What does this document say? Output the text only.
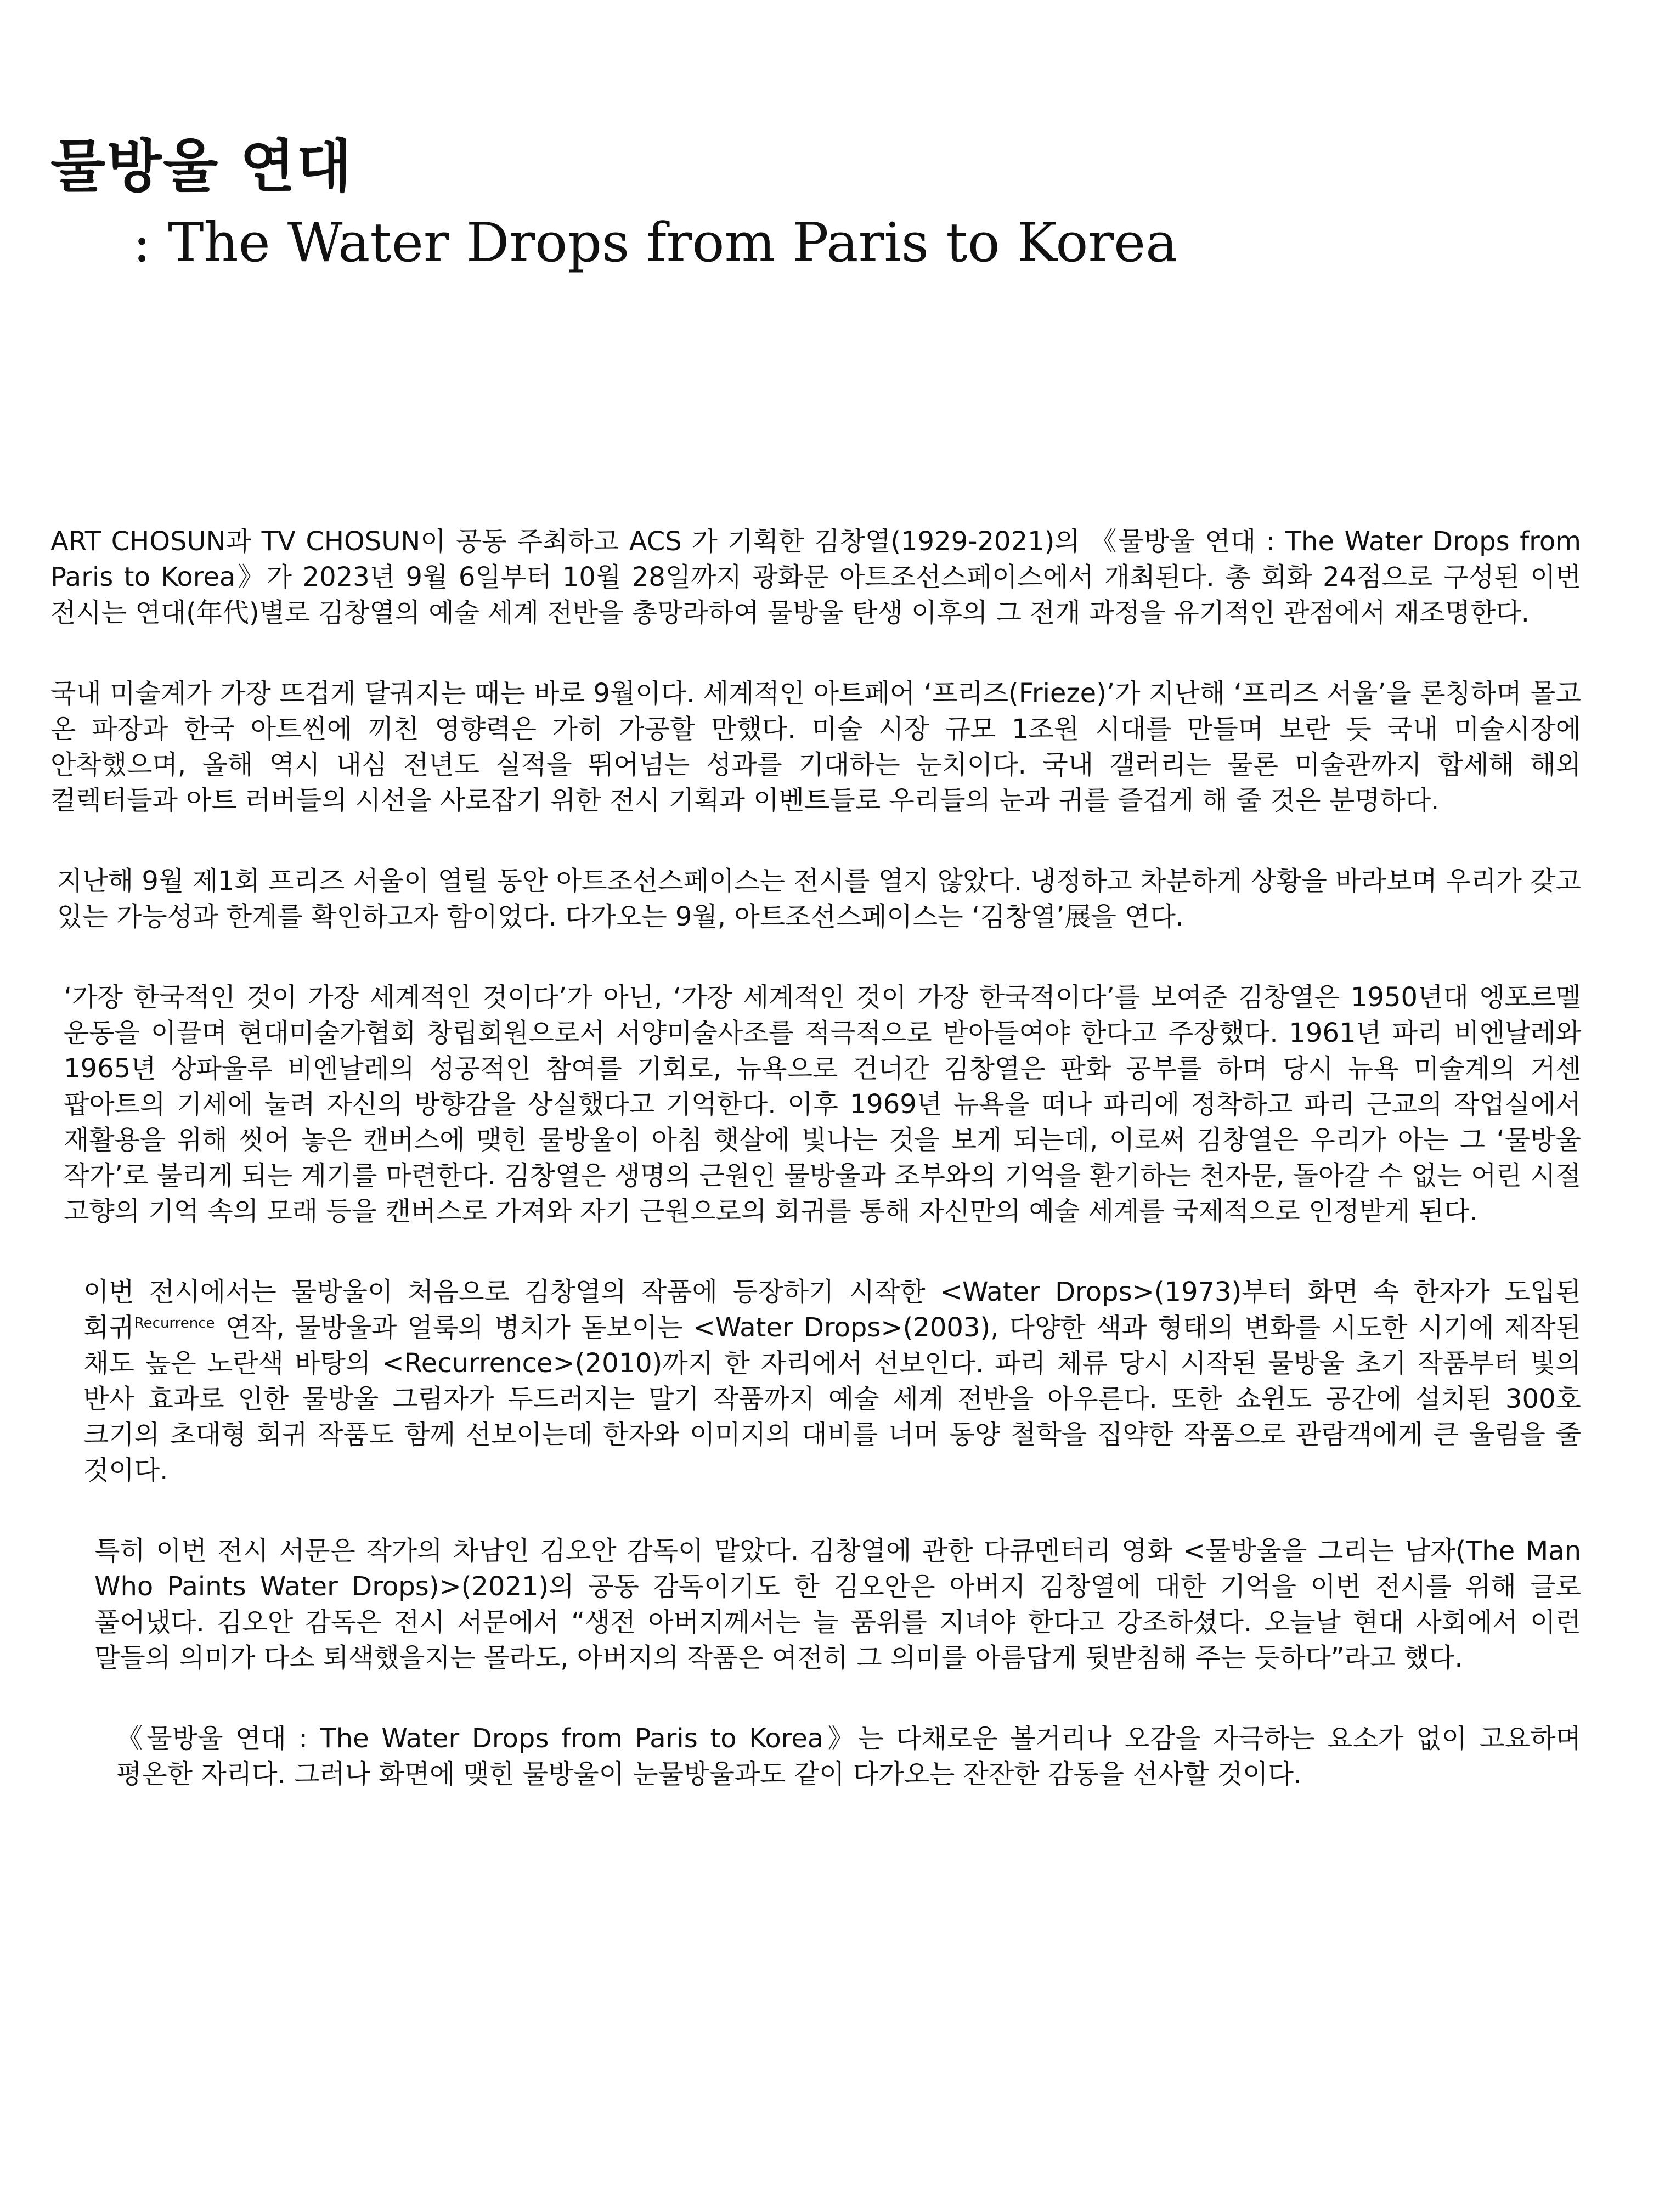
물방울 연대
: The Water Drops from Paris to Korea

ART CHOSUN과 TV CHOSUN이 공동 주최하고 ACS 가 기획한 김창열(1929-2021)의 《물방울 연대 : The Water Drops from Paris to Korea》가 2023년 9월 6일부터 10월 28일까지 광화문 아트조선스페이스에서 개최된다. 총 회화 24점으로 구성된 이번 전시는 연대(年代)별로 김창열의 예술 세계 전반을 총망라하여 물방울 탄생 이후의 그 전개 과정을 유기적인 관점에서 재조명한다.

국내 미술계가 가장 뜨겁게 달궈지는 때는 바로 9월이다. 세계적인 아트페어 ‘프리즈(Frieze)’가 지난해 ‘프리즈 서울’을 론칭하며 몰고 온 파장과 한국 아트씬에 끼친 영향력은 가히 가공할 만했다. 미술 시장 규모 1조원 시대를 만들며 보란 듯 국내 미술시장에 안착했으며, 올해 역시 내심 전년도 실적을 뛰어넘는 성과를 기대하는 눈치이다. 국내 갤러리는 물론 미술관까지 합세해 해외 컬렉터들과 아트 러버들의 시선을 사로잡기 위한 전시 기획과 이벤트들로 우리들의 눈과 귀를 즐겁게 해 줄 것은 분명하다.

지난해 9월 제1회 프리즈 서울이 열릴 동안 아트조선스페이스는 전시를 열지 않았다. 냉정하고 차분하게 상황을 바라보며 우리가 갖고 있는 가능성과 한계를 확인하고자 함이었다. 다가오는 9월, 아트조선스페이스는 ‘김창열’展을 연다.

‘가장 한국적인 것이 가장 세계적인 것이다’가 아닌, ‘가장 세계적인 것이 가장 한국적이다’를 보여준 김창열은 1950년대 엥포르멜 운동을 이끌며 현대미술가협회 창립회원으로서 서양미술사조를 적극적으로 받아들여야 한다고 주장했다. 1961년 파리 비엔날레와 1965년 상파울루 비엔날레의 성공적인 참여를 기회로, 뉴욕으로 건너간 김창열은 판화 공부를 하며 당시 뉴욕 미술계의 거센 팝아트의 기세에 눌려 자신의 방향감을 상실했다고 기억한다. 이후 1969년 뉴욕을 떠나 파리에 정착하고 파리 근교의 작업실에서 재활용을 위해 씻어 놓은 캔버스에 맺힌 물방울이 아침 햇살에 빛나는 것을 보게 되는데, 이로써 김창열은 우리가 아는 그 ‘물방울 작가’로 불리게 되는 계기를 마련한다. 김창열은 생명의 근원인 물방울과 조부와의 기억을 환기하는 천자문, 돌아갈 수 없는 어린 시절 고향의 기억 속의 모래 등을 캔버스로 가져와 자기 근원으로의 회귀를 통해 자신만의 예술 세계를 국제적으로 인정받게 된다.

이번 전시에서는 물방울이 처음으로 김창열의 작품에 등장하기 시작한 <Water Drops>(1973)부터 화면 속 한자가 도입된 회귀$^{Recurrence}$ 연작, 물방울과 얼룩의 병치가 돋보이는 <Water Drops>(2003), 다양한 색과 형태의 변화를 시도한 시기에 제작된 채도 높은 노란색 바탕의 <Recurrence>(2010)까지 한 자리에서 선보인다. 파리 체류 당시 시작된 물방울 초기 작품부터 빛의 반사 효과로 인한 물방울 그림자가 두드러지는 말기 작품까지 예술 세계 전반을 아우른다. 또한 쇼윈도 공간에 설치된 300호 크기의 초대형 회귀 작품도 함께 선보이는데 한자와 이미지의 대비를 너머 동양 철학을 집약한 작품으로 관람객에게 큰 울림을 줄 것이다.

특히 이번 전시 서문은 작가의 차남인 김오안 감독이 맡았다. 김창열에 관한 다큐멘터리 영화 <물방울을 그리는 남자(The Man Who Paints Water Drops)>(2021)의 공동 감독이기도 한 김오안은 아버지 김창열에 대한 기억을 이번 전시를 위해 글로 풀어냈다. 김오안 감독은 전시 서문에서 “생전 아버지께서는 늘 품위를 지녀야 한다고 강조하셨다. 오늘날 현대 사회에서 이런 말들의 의미가 다소 퇴색했을지는 몰라도, 아버지의 작품은 여전히 그 의미를 아름답게 뒷받침해 주는 듯하다”라고 했다.

《물방울 연대 : The Water Drops from Paris to Korea》는 다채로운 볼거리나 오감을 자극하는 요소가 없이 고요하며 평온한 자리다. 그러나 화면에 맺힌 물방울이 눈물방울과도 같이 다가오는 잔잔한 감동을 선사할 것이다.
